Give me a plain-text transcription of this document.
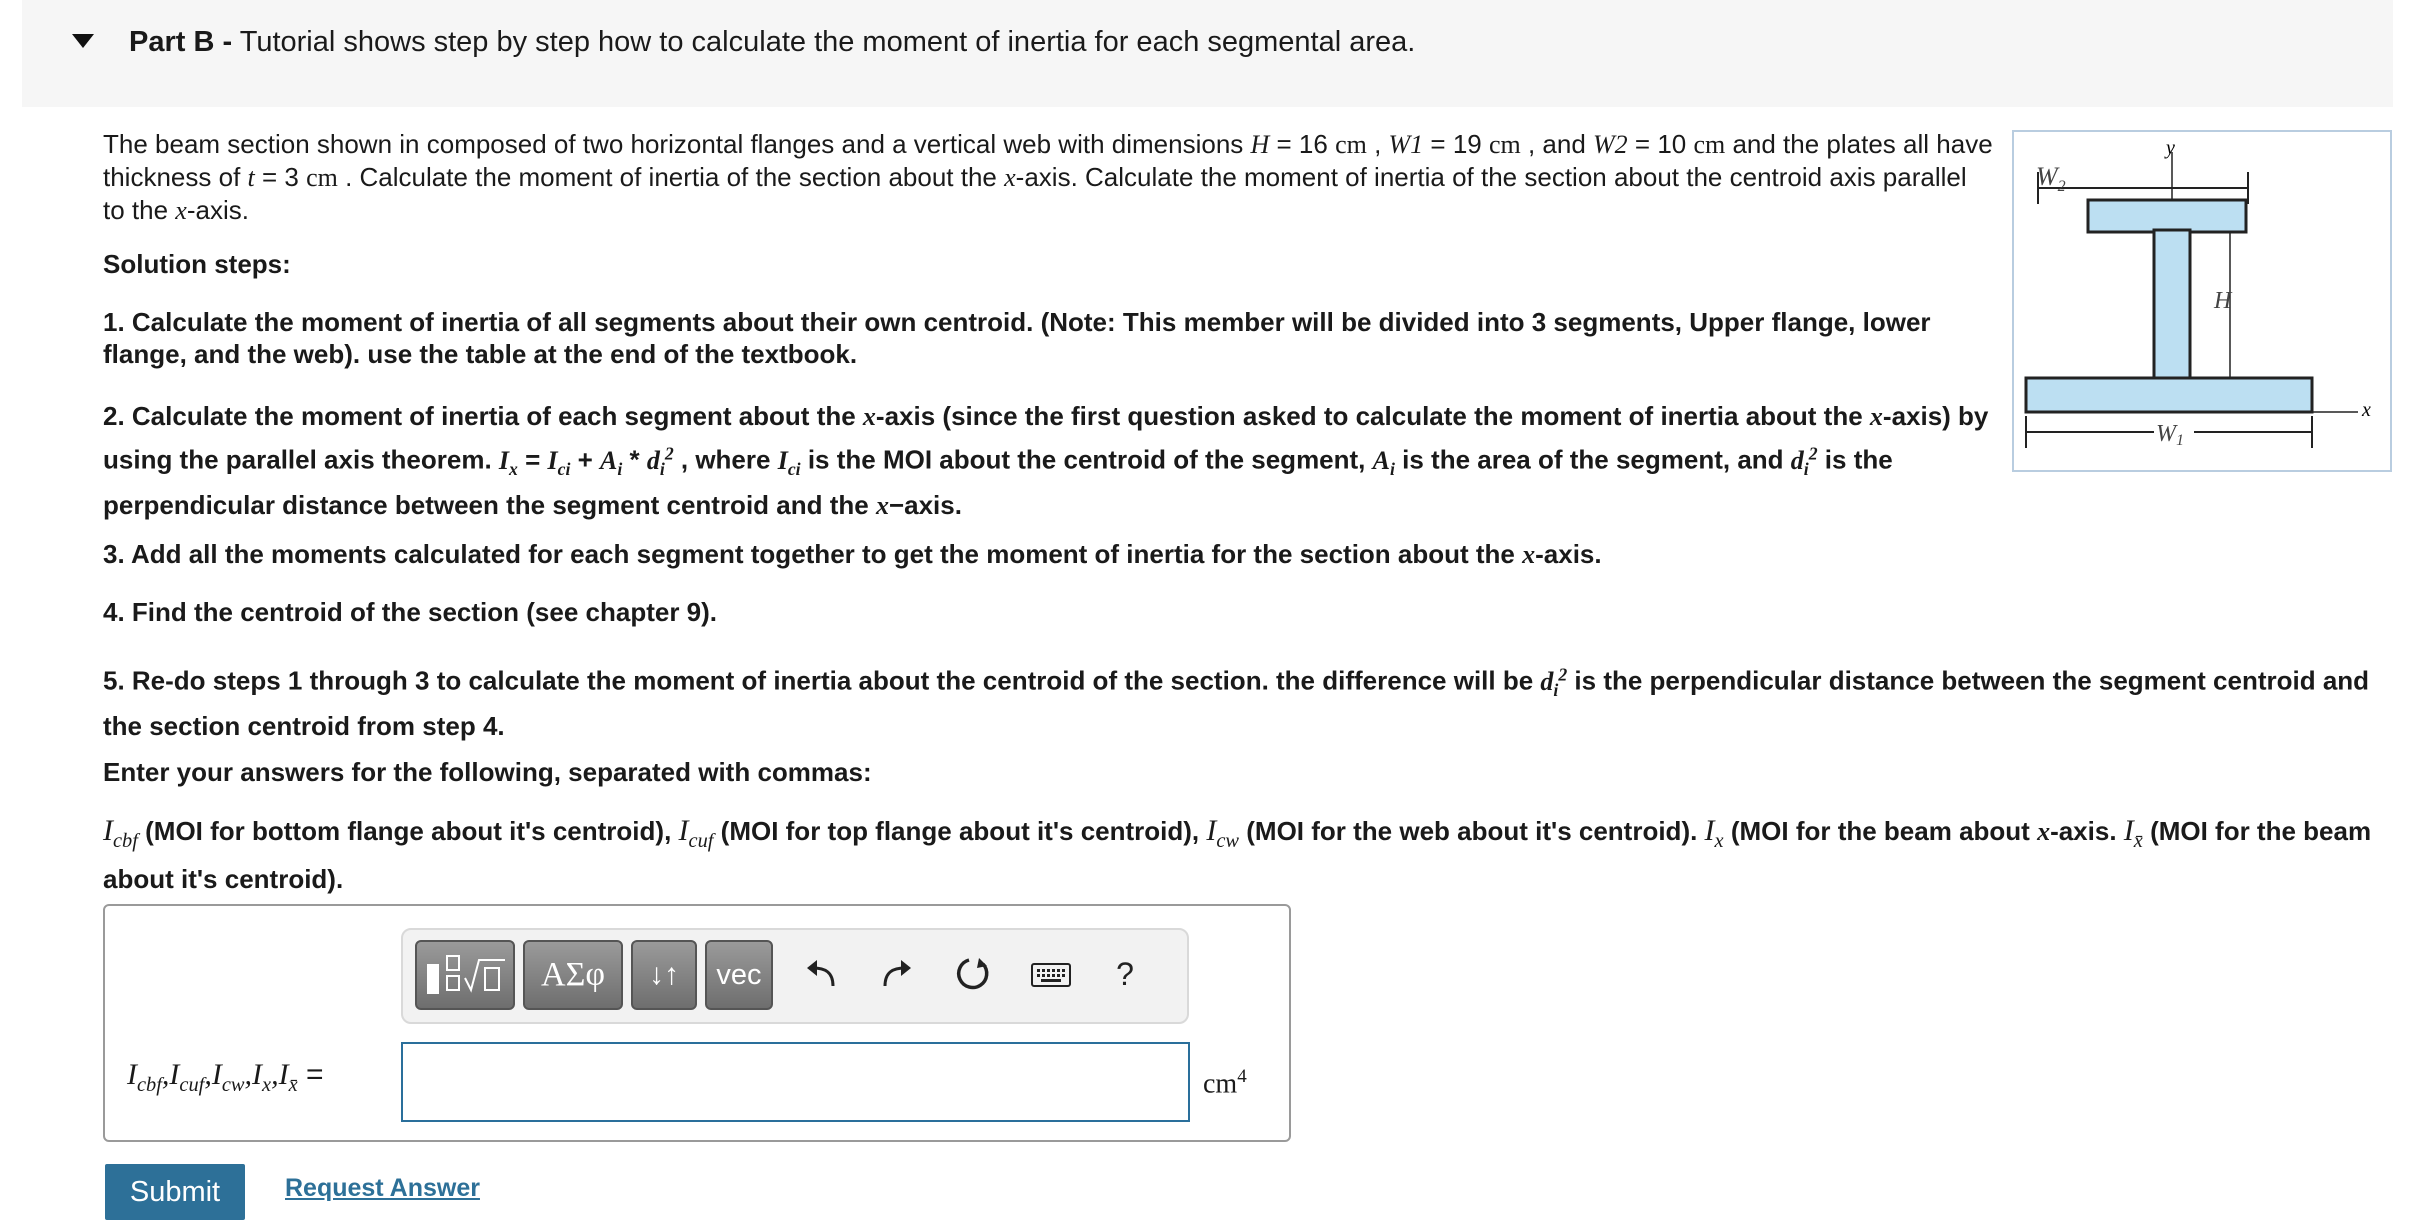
Part B - Tutorial shows step by step how to calculate the moment of inertia for each segmental area.
The beam section shown in composed of two horizontal flanges and a vertical web with dimensions H = 16 cm , W1 = 19 cm , and W2 = 10 cm and the plates all have thickness of t = 3 cm . Calculate the moment of inertia of the section about the x-axis. Calculate the moment of inertia of the section about the centroid axis parallel to the x-axis.
Solution steps:
1. Calculate the moment of inertia of all segments about their own centroid. (Note: This member will be divided into 3 segments, Upper flange, lower flange, and the web). use the table at the end of the textbook.
2. Calculate the moment of inertia of each segment about the x-axis (since the first question asked to calculate the moment of inertia about the x-axis) by using the parallel axis theorem. $I_x = I_{ci} + A_i * d_i^2$ , where $I_{ci}$ is the MOI about the centroid of the segment, $A_i$ is the area of the segment, and $d_i^2$ is the perpendicular distance between the segment centroid and the x−axis.
3. Add all the moments calculated for each segment together to get the moment of inertia for the section about the x-axis.
4. Find the centroid of the section (see chapter 9).
5. Re-do steps 1 through 3 to calculate the moment of inertia about the centroid of the section. the difference will be $d_i^2$ is the perpendicular distance between the segment centroid and the section centroid from step 4.
Enter your answers for the following, separated with commas:
$I_{cbf}$ (MOI for bottom flange about it's centroid), $I_{cuf}$ (MOI for top flange about it's centroid), $I_{cw}$ (MOI for the web about it's centroid). $I_x$ (MOI for the beam about x-axis. $I_{x̄}$ (MOI for the beam about it's centroid).
y
H
x
W1
$W_2$
ΑΣφ	↓↑	vec	?
$I_{cbf},I_{cuf},I_{cw},I_x,I_{x̄}$ =	$cm^4$
Submit	Request Answer
